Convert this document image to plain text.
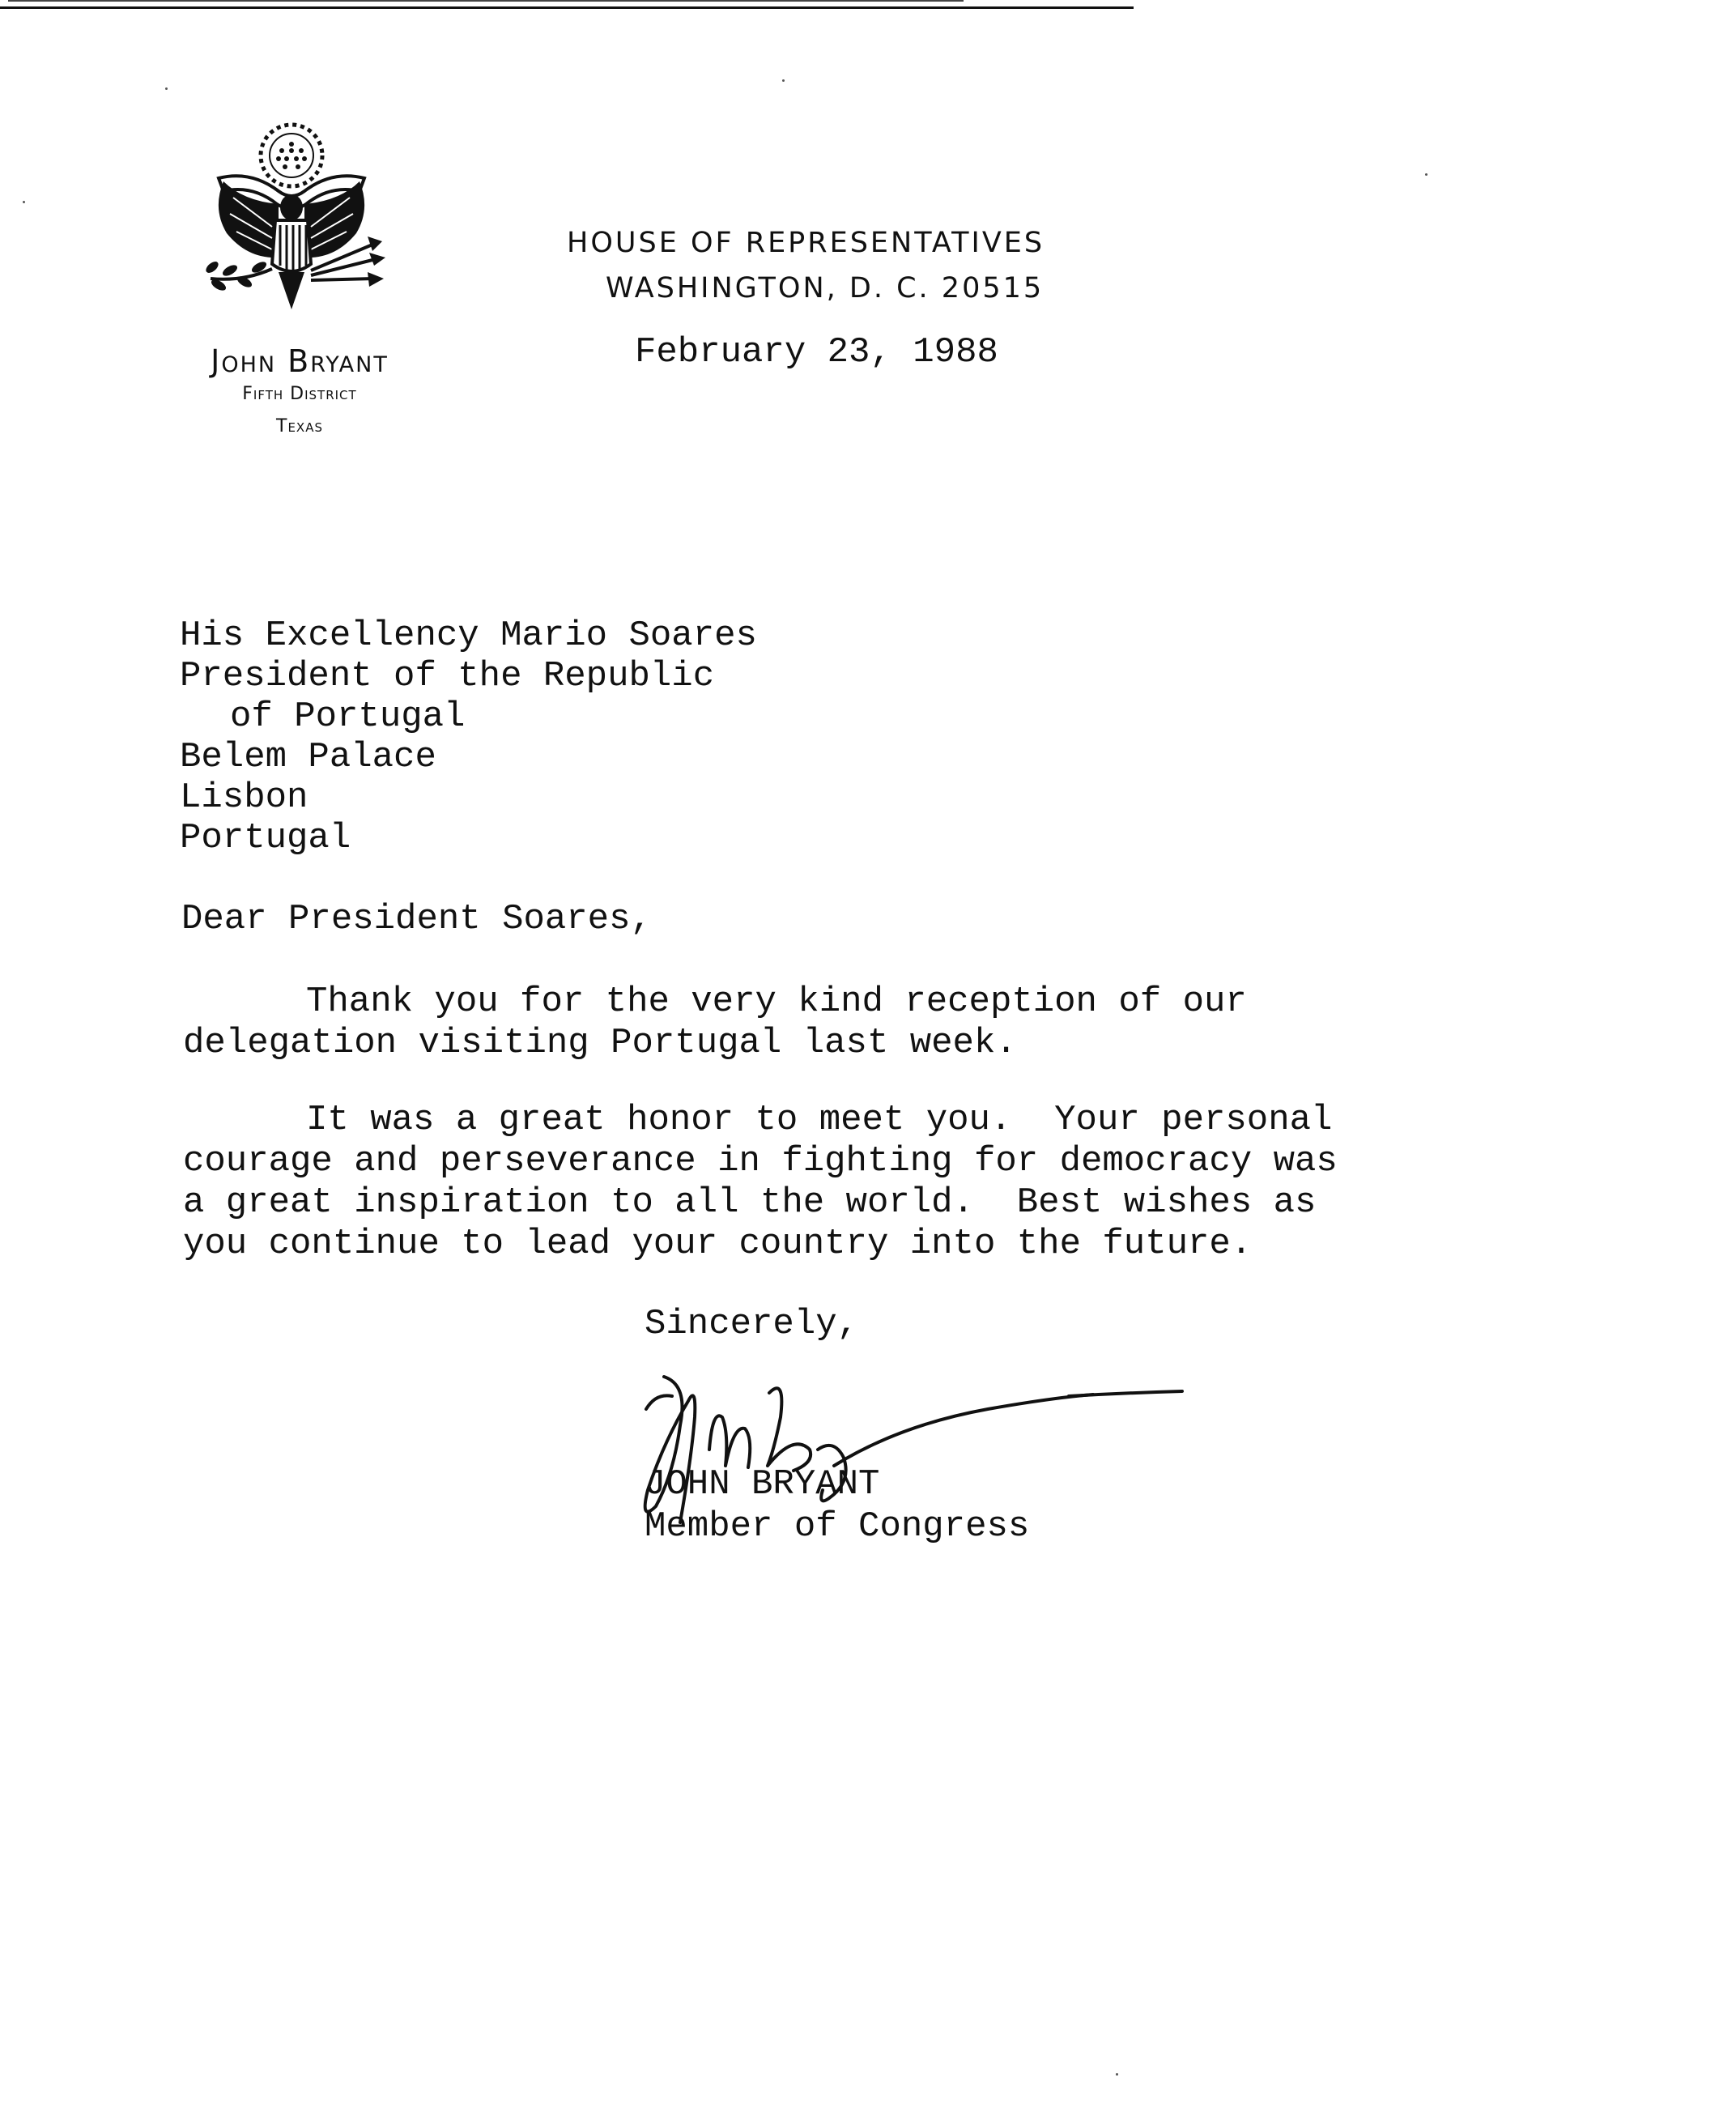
John Bryant
Fifth District
Texas
HOUSE OF REPRESENTATIVES
WASHINGTON, D. C. 20515
February 23, 1988
His Excellency Mario Soares
President of the Republic
of Portugal
Belem Palace
Lisbon
Portugal
Dear President Soares,
Thank you for the very kind reception of our
delegation visiting Portugal last week.
It was a great honor to meet you.  Your personal
courage and perseverance in fighting for democracy was
a great inspiration to all the world.  Best wishes as
you continue to lead your country into the future.
Sincerely,
JOHN BRYANT
Member of Congress
